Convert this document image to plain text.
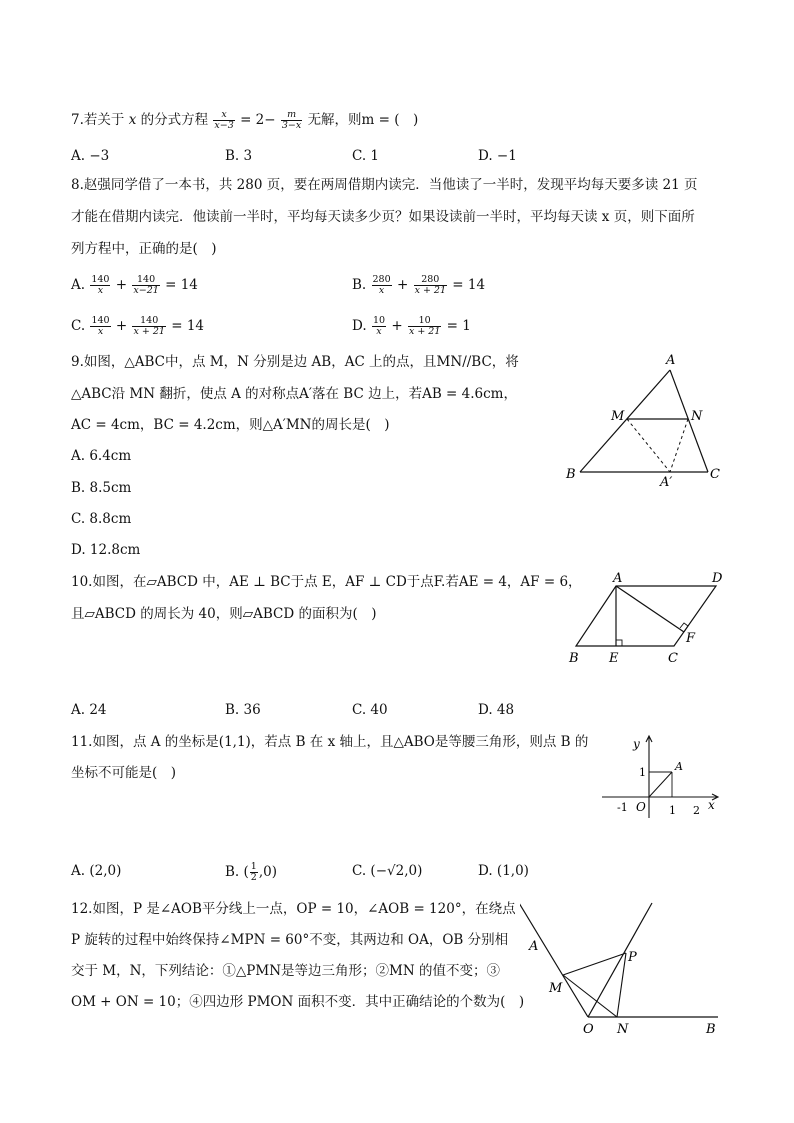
7.若关于 x 的分式方程 $\frac{x}{x-3} = 2- \frac{m}{3-x}$ 无解，则m = (　)
A. −3	B. 3	C. 1	D. −1
8.赵强同学借了一本书，共 280 页，要在两周借期内读完．当他读了一半时，发现平均每天要多读 21 页
才能在借期内读完．他读前一半时，平均每天读多少页？如果设读前一半时，平均每天读 x 页，则下面所
列方程中，正确的是(　)
A. $\frac{140}{x} + \frac{140}{x-21} = 14$	B. $\frac{280}{x} + \frac{280}{x + 21} = 14$
C. $\frac{140}{x} + \frac{140}{x + 21} = 14$	D. $\frac{10}{x} + \frac{10}{x + 21} = 1$
9.如图，△ABC中，点 M，N 分别是边 AB，AC 上的点，且MN//BC，将
△ABC沿 MN 翻折，使点 A 的对称点A′落在 BC 边上，若AB = 4.6cm，
AC = 4cm，BC = 4.2cm，则△A′MN的周长是(　)
A. 6.4cm
B. 8.5cm
C. 8.8cm
D. 12.8cm
A
M	N
B	C
A′
10.如图，在▱ABCD 中，AE ⊥ BC于点 E，AF ⊥ CD于点F.若AE = 4，AF = 6，
且▱ABCD 的周长为 40，则▱ABCD 的面积为(　)
A	D
F
B E	C
A. 24	B. 36	C. 40	D. 48
11.如图，点 A 的坐标是(1,1)，若点 B 在 x 轴上，且△ABO是等腰三角形，则点 B 的
坐标不可能是(　)
y
x
1	A
-1 O 1 2
A. (2,0)	B. ( $\frac{1}{2} ,0$)	C. (−√2,0)	D. (1,0)
12.如图，P 是∠AOB平分线上一点，OP = 10，∠AOB = 120°，在绕点
P 旋转的过程中始终保持∠MPN = 60°不变，其两边和 OA，OB 分别相
交于 M，N，下列结论：①△PMN是等边三角形；②MN 的值不变；③
OM + ON = 10；④四边形 PMON 面积不变．其中正确结论的个数为(　)
A
P
M
O N	B
